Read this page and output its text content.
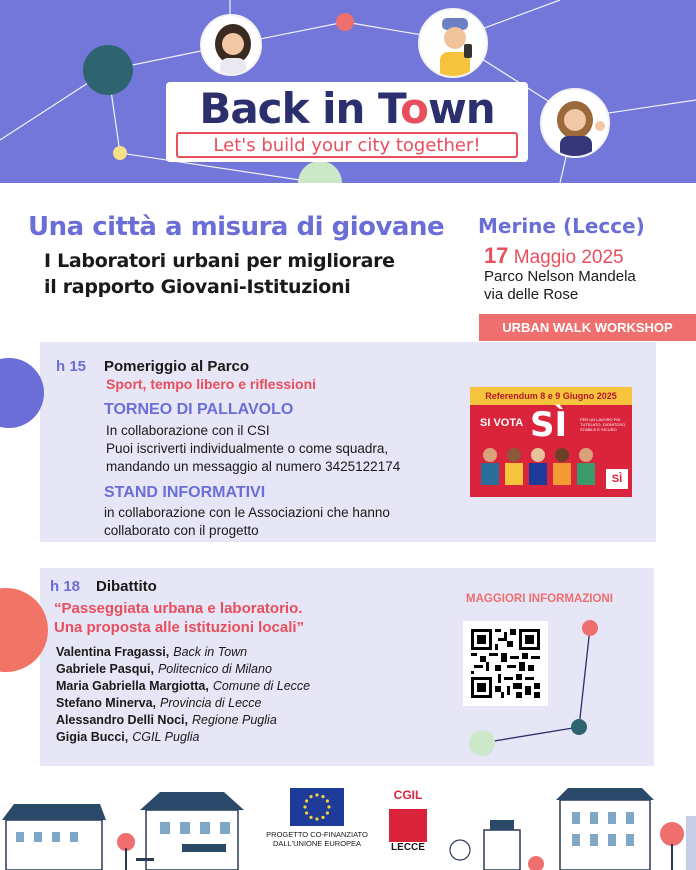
Back in Town
Let's build your city together!
Una città a misura di giovane
I Laboratori urbani per migliorare
il rapporto Giovani-Istituzioni
Merine (Lecce)
17 Maggio 2025
Parco Nelson Mandela
via delle Rose
URBAN WALK WORKSHOP
h 15 Pomeriggio al Parco
Sport, tempo libero e riflessioni
TORNEO DI PALLAVOLO
In collaborazione con il CSI
Puoi iscriverti individualmente o come squadra,
mandando un messaggio al numero 3425122174
STAND INFORMATIVI
in collaborazione con le Associazioni che hanno
collaborato con il progetto
Referendum 8 e 9 Giugno 2025
SI VOTA SÌ	PER UN LAVORO PIÙ TUTELATO, DIGNITOSO, STABILE E SICURO
SÌ
h 18 Dibattito
“Passeggiata urbana e laboratorio.
Una proposta alle istituzioni locali”
Valentina Fragassi, Back in Town
Gabriele Pasqui, Politecnico di Milano
Maria Gabriella Margiotta, Comune di Lecce
Stefano Minerva, Provincia di Lecce
Alessandro Delli Noci, Regione Puglia
Gigia Bucci, CGIL Puglia
MAGGIORI INFORMAZIONI
PROGETTO CO-FINANZIATO
DALL'UNIONE EUROPEA
CGIL
LECCE
